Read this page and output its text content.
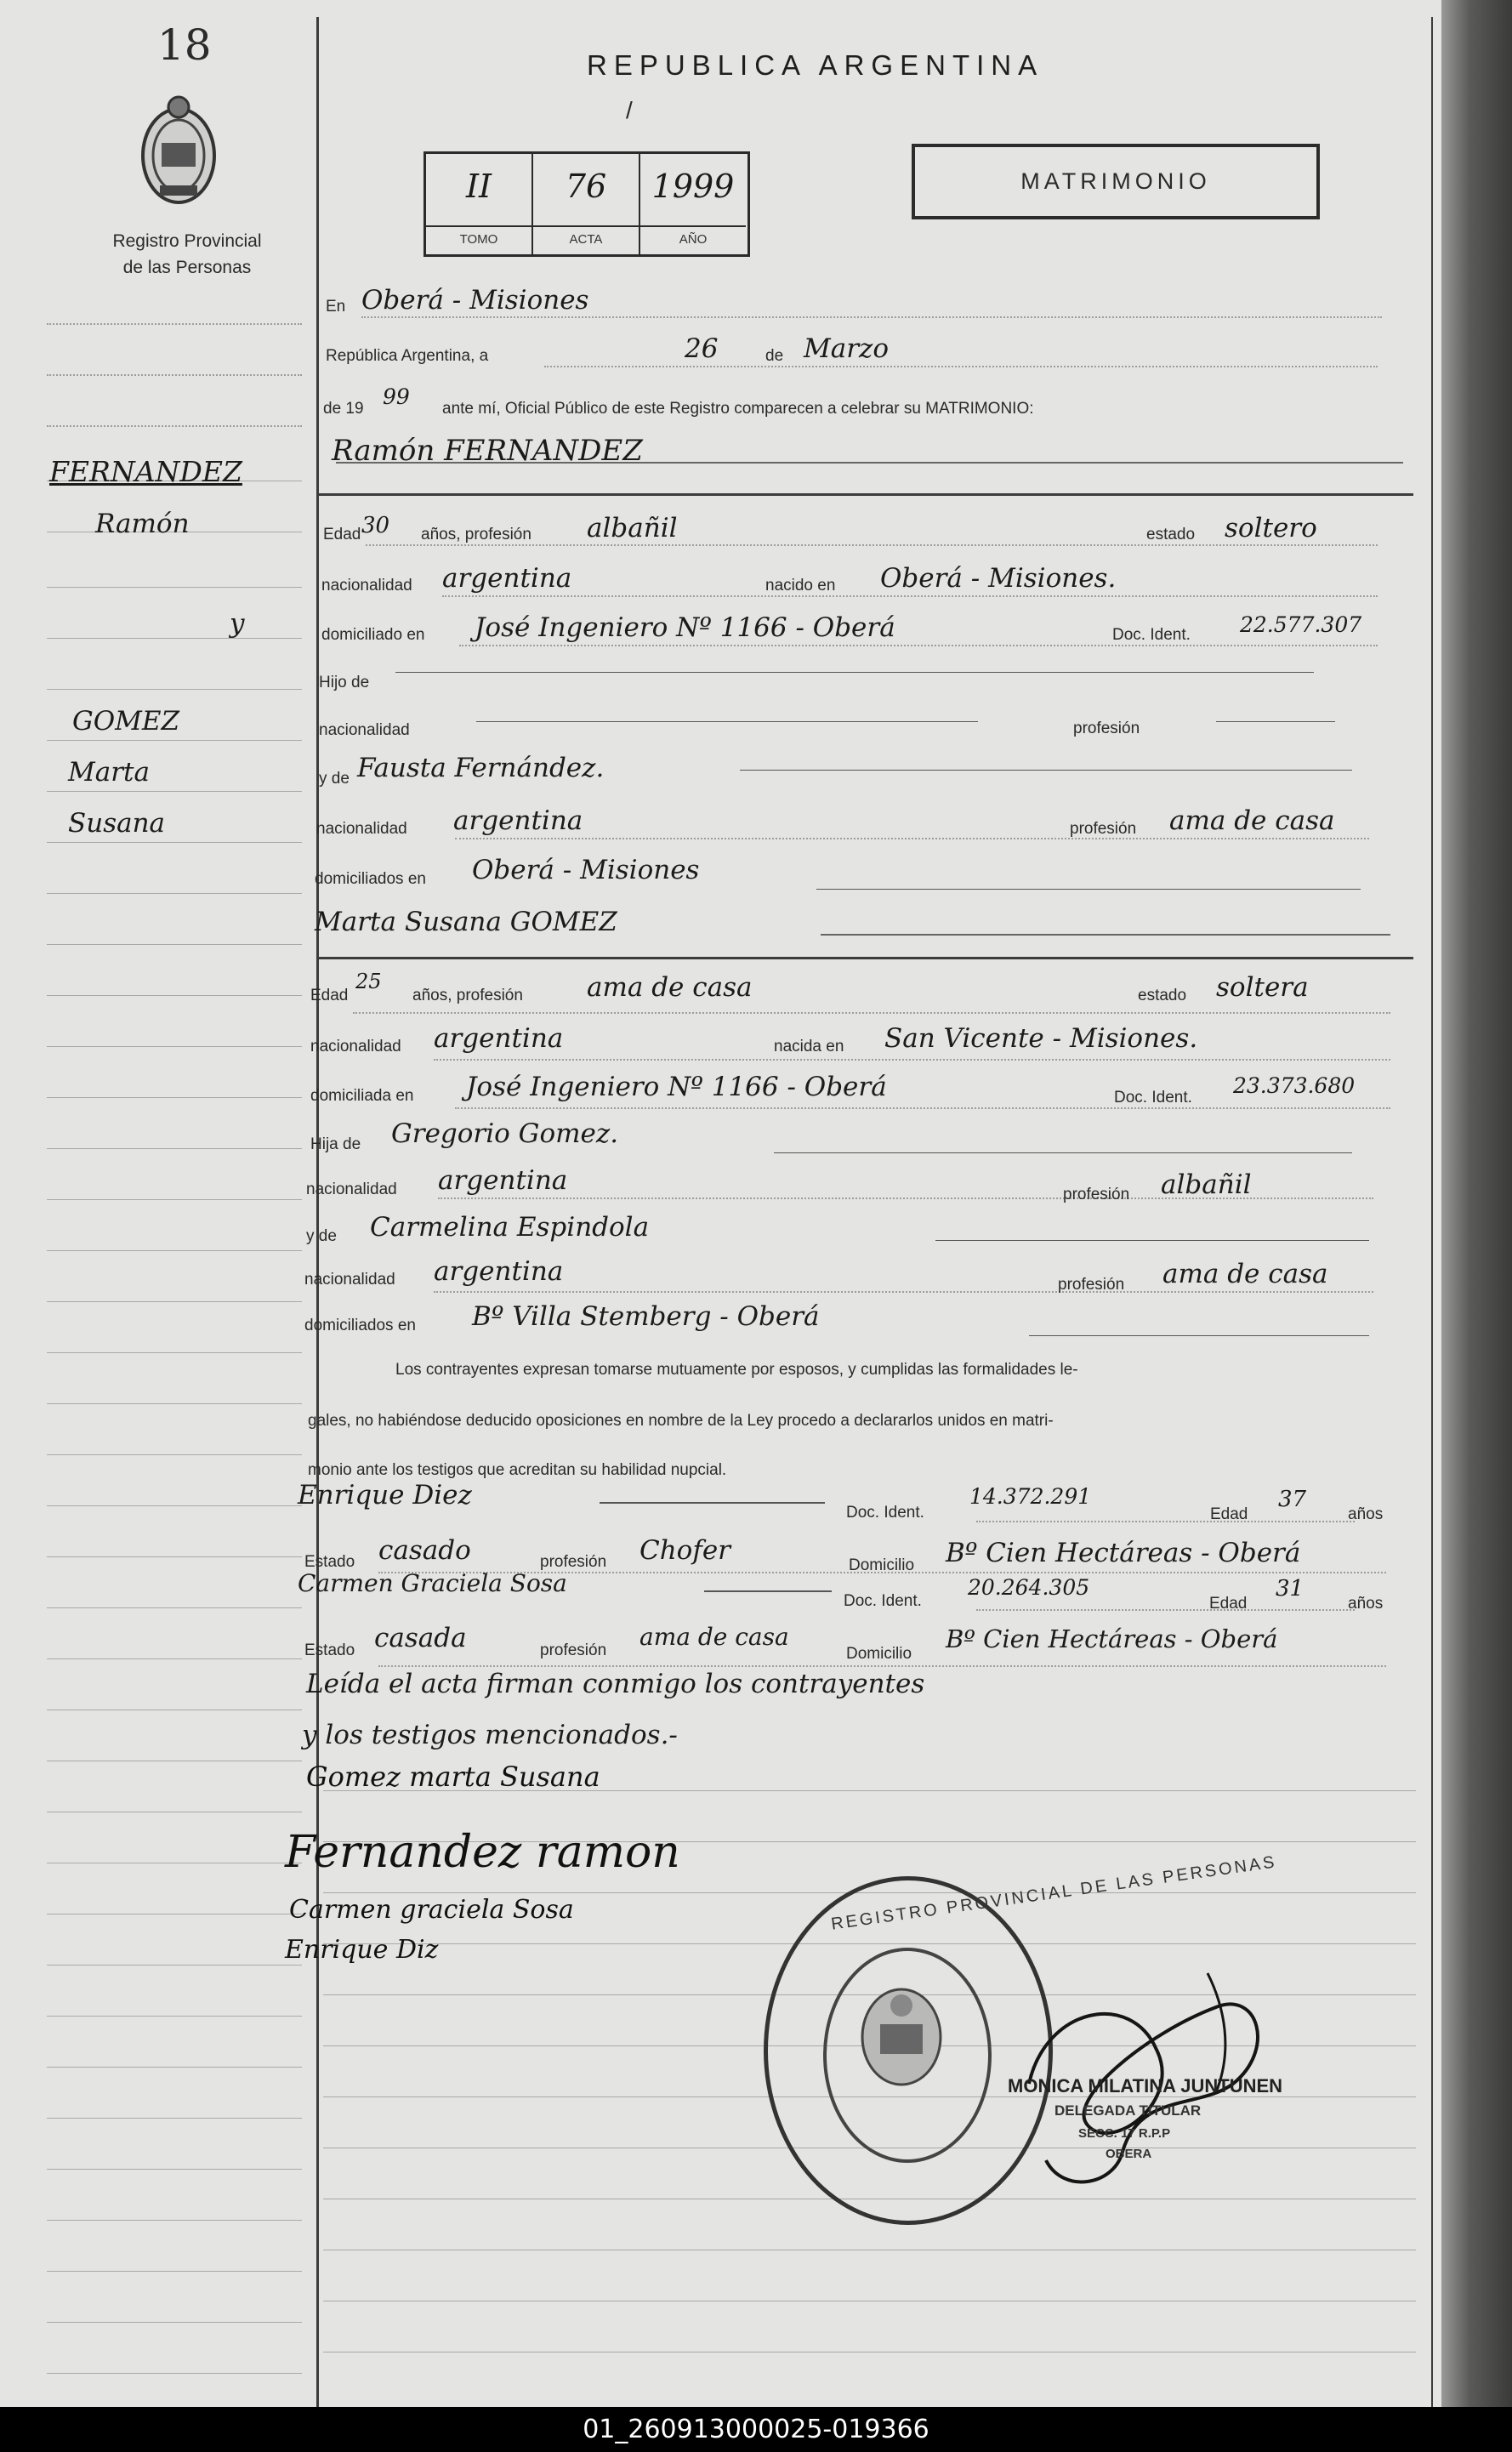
18
Registro Provincial
de las Personas
REPUBLICA ARGENTINA
/
II
TOMO
76
ACTA
1999
AÑO
MATRIMONIO
FERNANDEZ
Ramón
y
GOMEZ
Marta
Susana
En Oberá - Misiones
República Argentina, a	26	de Marzo
de 19 99 ante mí, Oficial Público de este Registro comparecen a celebrar su MATRIMONIO:
Ramón FERNANDEZ
Edad 30 años, profesión albañil	estado soltero
nacionalidad argentina	nacido en Oberá - Misiones.
domiciliado en José Ingeniero Nº 1166 - Oberá	Doc. Ident. 22.577.307
Hijo de
nacionalidad	profesión
y de Fausta Fernández.
nacionalidad argentina	profesión ama de casa
domiciliados en Oberá - Misiones
Marta Susana GOMEZ
Edad
25
años, profesión ama de casa	estado soltera
nacionalidad argentina	nacida en San Vicente - Misiones.
domiciliada en José Ingeniero Nº 1166 - Oberá	Doc. Ident. 23.373.680
Hija de Gregorio Gomez.
nacionalidad argentina	profesión albañil
y de Carmelina Espindola
nacionalidad argentina	profesión ama de casa
domiciliados en Bº Villa Stemberg - Oberá
Los contrayentes expresan tomarse mutuamente por esposos, y cumplidas las formalidades le-
gales, no habiéndose deducido oposiciones en nombre de la Ley procedo a declararlos unidos en matri-
monio ante los testigos que acreditan su habilidad nupcial.
Enrique Diez
Doc. Ident.
14.372.291
Edad
37
años
Estado casado	profesión Chofer	Domicilio Bº Cien Hectáreas - Oberá
Carmen Graciela Sosa
Doc. Ident.
20.264.305
Edad
31
años
Estado casada	profesión ama de casa
Domicilio
Bº Cien Hectáreas - Oberá
Leída el acta firman conmigo los contrayentes
y los testigos mencionados.-
Gomez marta Susana
Fernandez ramon
Carmen graciela Sosa
Enrique Diz
REGISTRO PROVINCIAL DE LAS PERSONAS
MONICA MILATINA JUNTUNEN
DELEGADA TITULAR
SECC. 17 R.P.P
OBERA
01_260913000025-019366
